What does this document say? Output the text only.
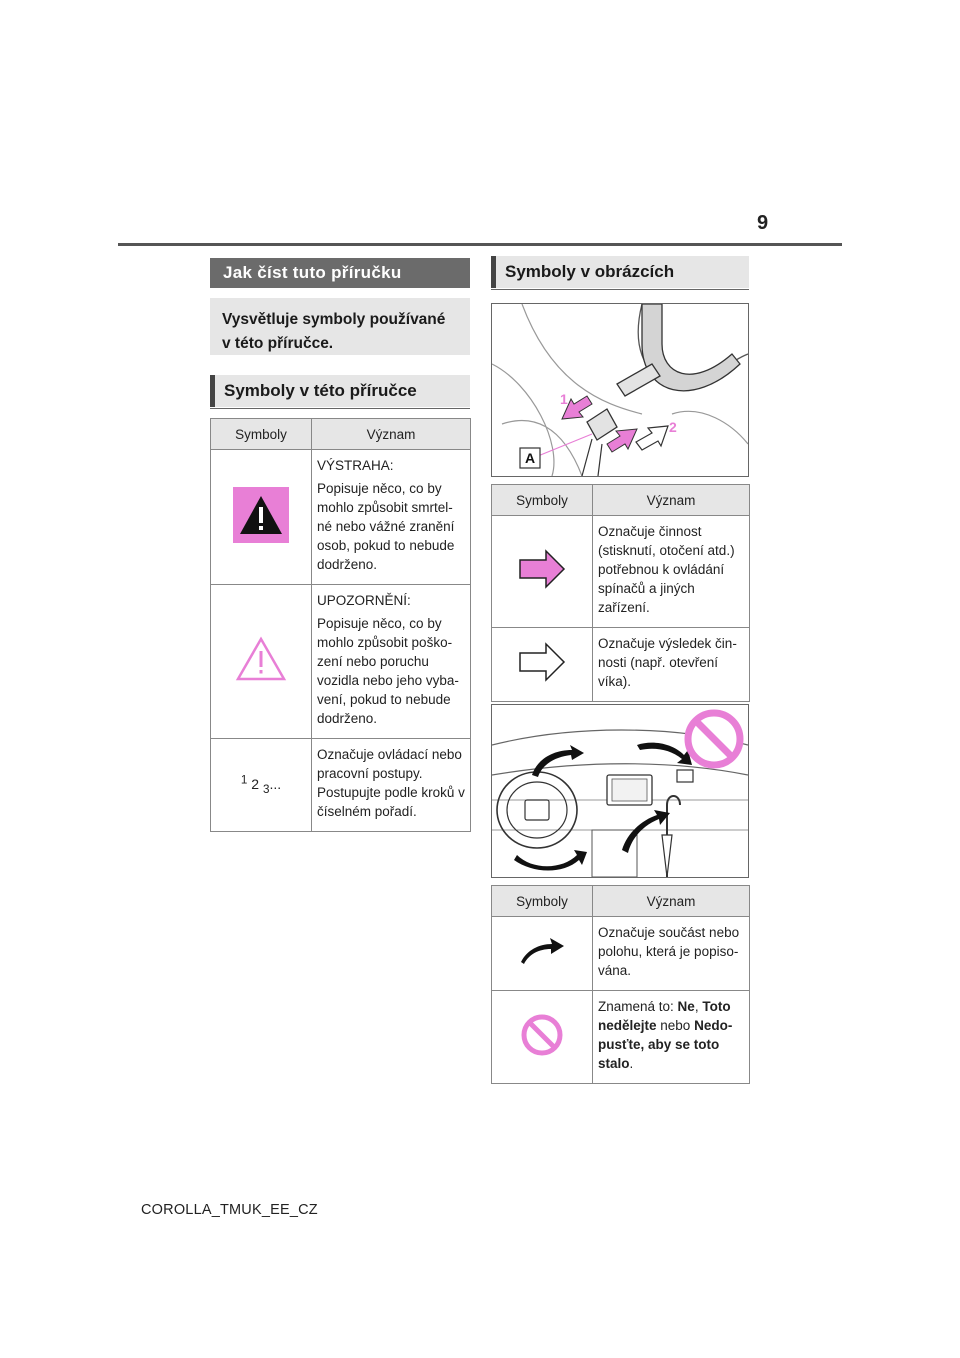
9
Jak číst tuto příručku
Vysvětluje symboly používané v této příručce.
Symboly v této příručce
Symboly	Význam

VÝSTRAHA:

Popisuje něco, co by mohlo způsobit smrtel-né nebo vážné zranění osob, pokud to nebude dodrženo.

UPOZORNĚNÍ:

Popisuje něco, co by mohlo způsobit poško-zení nebo poruchu vozidla nebo jeho vyba-vení, pokud to nebude dodrženo.

$^1$ 2 $_3$...	Označuje ovládací nebo pracovní postupy. Postupujte podle kroků v číselném pořadí.

Symboly v obrázcích
1
2
A
Symboly	Význam

Označuje činnost (stisknutí, otočení atd.) potřebnou k ovládání spínačů a jiných zařízení.

Označuje výsledek čin-nosti (např. otevření víka).

Symboly	Význam

Označuje součást nebo polohu, která je popiso-vána.

Znamená to: Ne, Toto nedělejte nebo Nedo-pusťte, aby se toto stalo.

COROLLA_TMUK_EE_CZ
